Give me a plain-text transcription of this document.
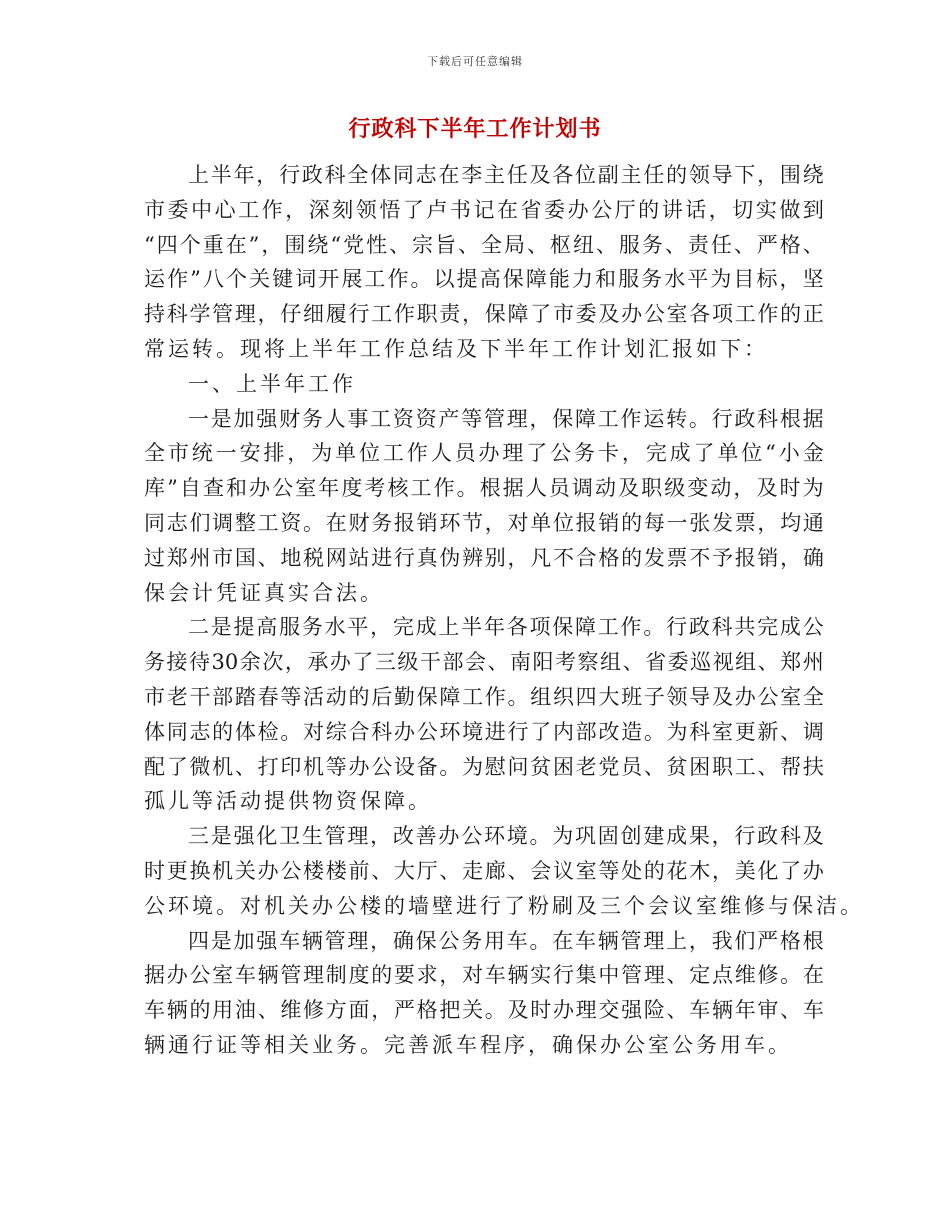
下载后可任意编辑
行政科下半年工作计划书
上 半 年 ， 行 政 科 全 体 同 志 在 李 主 任 及 各 位 副 主 任 的 领 导 下 ， 围 绕
市 委 中 心 工 作 ， 深 刻 领 悟 了 卢 书 记 在 省 委 办 公 厅 的 讲 话 ， 切 实 做 到
“ 四 个 重 在 ” ， 围 绕 “ 党 性 、 宗 旨 、 全 局 、 枢 纽 、 服 务 、 责 任 、 严 格 、
运 作 ” 八 个 关 键 词 开 展 工 作 。 以 提 高 保 障 能 力 和 服 务 水 平 为 目 标 ， 坚
持 科 学 管 理 ， 仔 细 履 行 工 作 职 责 ， 保 障 了 市 委 及 办 公 室 各 项 工 作 的 正
常运转。现将上半年工作总结及下半年工作计划汇报如下：
一、上半年工作
一 是 加 强 财 务 人 事 工 资 资 产 等 管 理 ， 保 障 工 作 运 转 。 行 政 科 根 据
全 市 统 一 安 排 ， 为 单 位 工 作 人 员 办 理 了 公 务 卡 ， 完 成 了 单 位 “ 小 金
库 ” 自 查 和 办 公 室 年 度 考 核 工 作 。 根 据 人 员 调 动 及 职 级 变 动 ， 及 时 为
同 志 们 调 整 工 资 。 在 财 务 报 销 环 节 ， 对 单 位 报 销 的 每 一 张 发 票 ， 均 通
过 郑 州 市 国 、 地 税 网 站 进 行 真 伪 辨 别 ， 凡 不 合 格 的 发 票 不 予 报 销 ， 确
保会计凭证真实合法。
二 是 提 高 服 务 水 平 ， 完 成 上 半 年 各 项 保 障 工 作 。 行 政 科 共 完 成 公
务 接 待 30 余 次 ， 承 办 了 三 级 干 部 会 、 南 阳 考 察 组 、 省 委 巡 视 组 、 郑 州
市 老 干 部 踏 春 等 活 动 的 后 勤 保 障 工 作 。 组 织 四 大 班 子 领 导 及 办 公 室 全
体 同 志 的 体 检 。 对 综 合 科 办 公 环 境 进 行 了 内 部 改 造 。 为 科 室 更 新 、 调
配 了 微 机 、 打 印 机 等 办 公 设 备 。 为 慰 问 贫 困 老 党 员 、 贫 困 职 工 、 帮 扶
孤儿等活动提供物资保障。
三 是 强 化 卫 生 管 理 ， 改 善 办 公 环 境 。 为 巩 固 创 建 成 果 ， 行 政 科 及
时 更 换 机 关 办 公 楼 楼 前 、 大 厅 、 走 廊 、 会 议 室 等 处 的 花 木 ， 美 化 了 办
公环境。对机关办公楼的墙壁进行了粉刷及三个会议室维修与保洁。
四 是 加 强 车 辆 管 理 ， 确 保 公 务 用 车 。 在 车 辆 管 理 上 ， 我 们 严 格 根
据 办 公 室 车 辆 管 理 制 度 的 要 求 ， 对 车 辆 实 行 集 中 管 理 、 定 点 维 修 。 在
车 辆 的 用 油 、 维 修 方 面 ， 严 格 把 关 。 及 时 办 理 交 强 险 、 车 辆 年 审 、 车
辆通行证等相关业务。完善派车程序，确保办公室公务用车。
